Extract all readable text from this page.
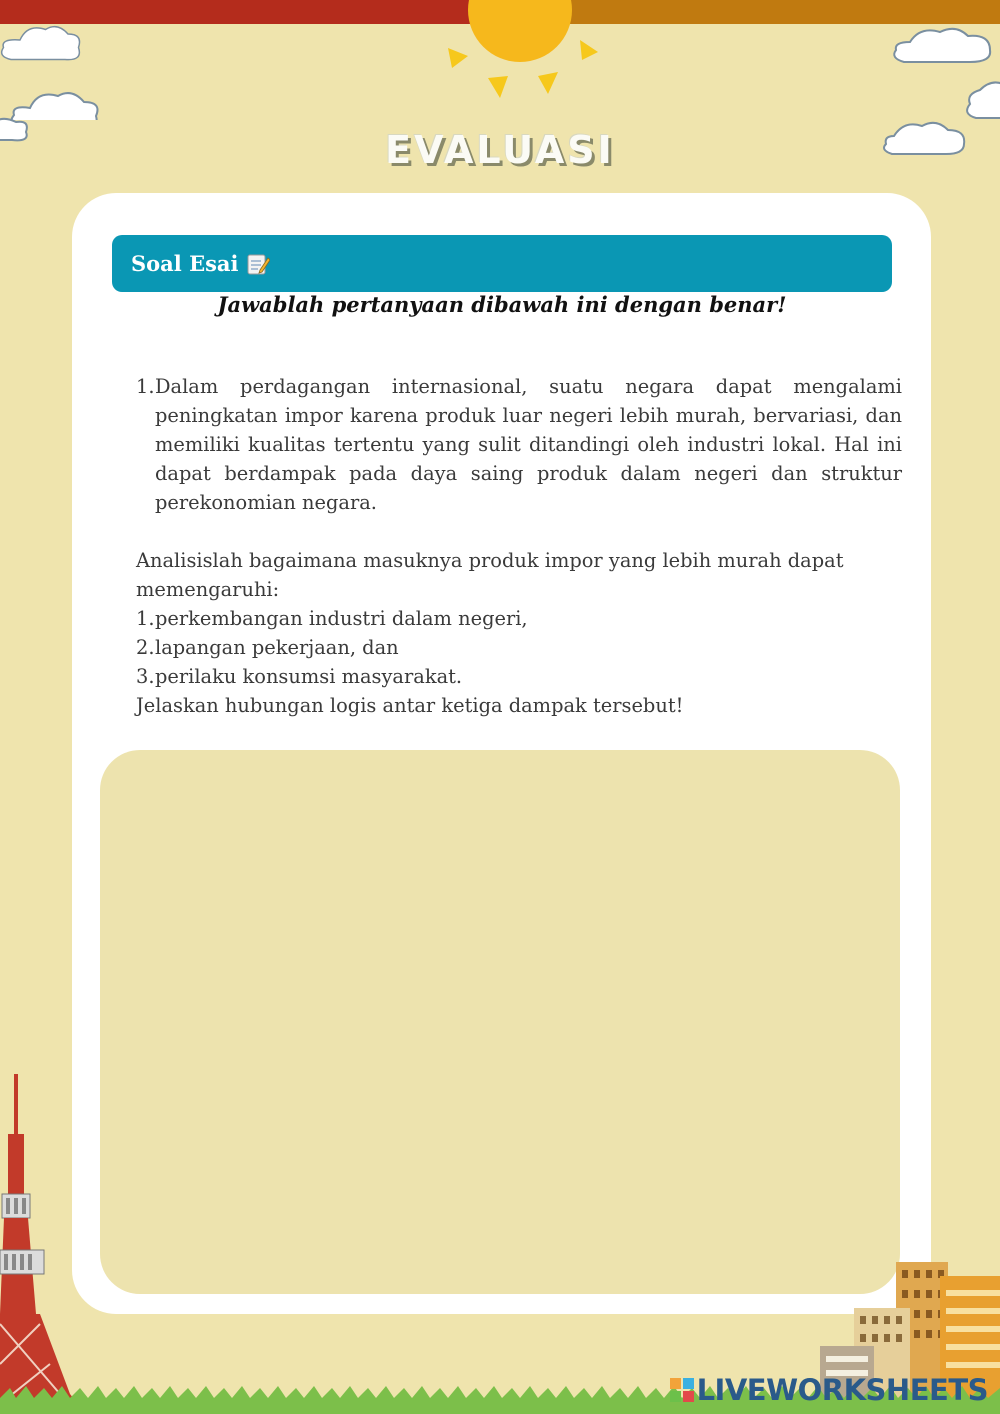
EVALUASI
Soal Esai
Jawablah pertanyaan dibawah ini dengan benar!
1. Dalam perdagangan internasional, suatu negara dapat mengalami peningkatan impor karena produk luar negeri lebih murah, bervariasi, dan memiliki kualitas tertentu yang sulit ditandingi oleh industri lokal. Hal ini dapat berdampak pada daya saing produk dalam negeri dan struktur perekonomian negara.

Analisislah bagaimana masuknya produk impor yang lebih murah dapat memengaruhi:

1. perkembangan industri dalam negeri,
2. lapangan pekerjaan, dan
3. perilaku konsumsi masyarakat.

Jelaskan hubungan logis antar ketiga dampak tersebut!

LIVEWORKSHEETS
